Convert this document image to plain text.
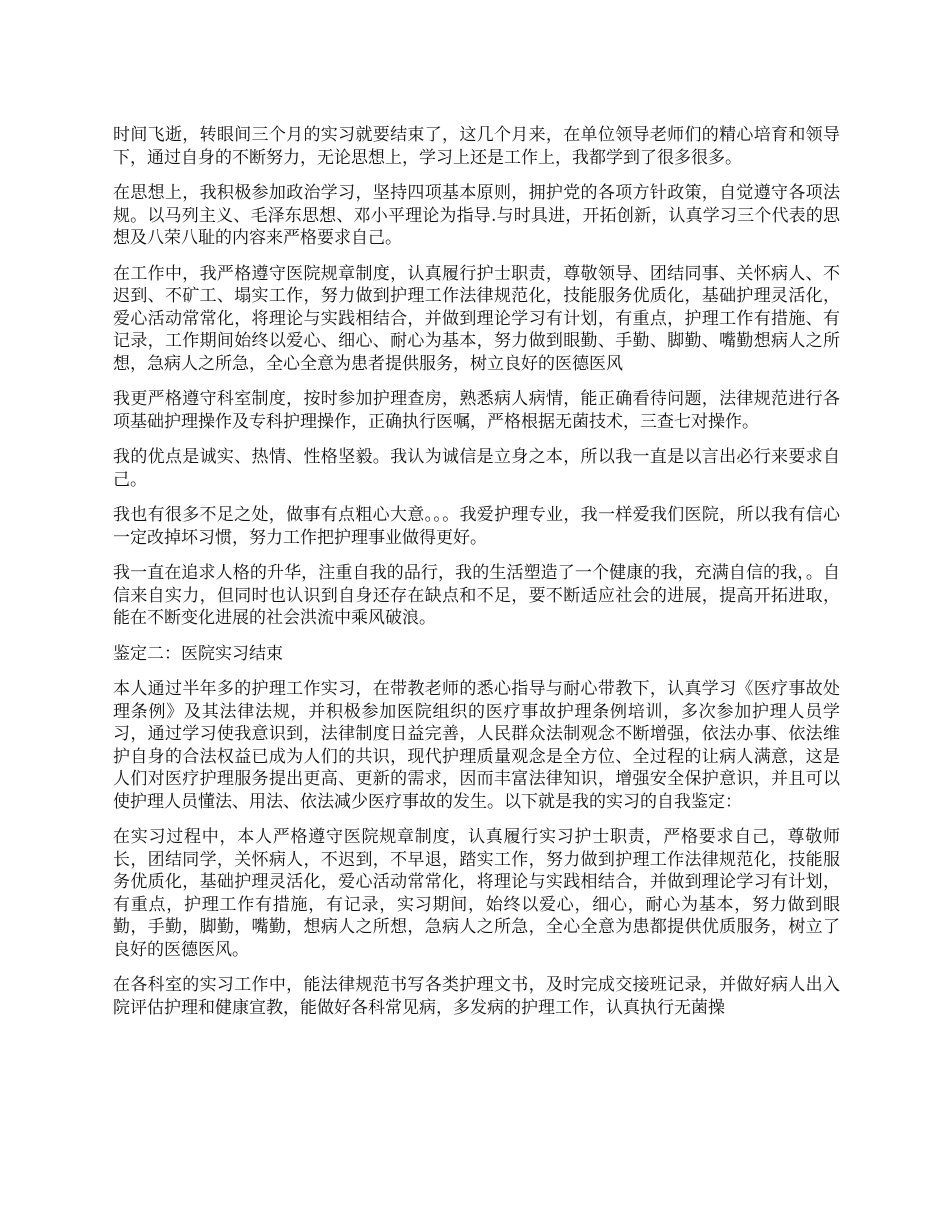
时间飞逝，转眼间三个月的实习就要结束了，这几个月来，在单位领导老师们的精心培育和领导下，通过自身的不断努力，无论思想上，学习上还是工作上，我都学到了很多很多。

在思想上，我积极参加政治学习，坚持四项基本原则，拥护党的各项方针政策，自觉遵守各项法规。以马列主义、毛泽东思想、邓小平理论为指导.与时具进，开拓创新，认真学习三个代表的思想及八荣八耻的内容来严格要求自己。

在工作中，我严格遵守医院规章制度，认真履行护士职责，尊敬领导、团结同事、关怀病人、不迟到、不矿工、塌实工作，努力做到护理工作法律规范化，技能服务优质化，基础护理灵活化，爱心活动常常化，将理论与实践相结合，并做到理论学习有计划，有重点，护理工作有措施、有记录，工作期间始终以爱心、细心、耐心为基本，努力做到眼勤、手勤、脚勤、嘴勤想病人之所想，急病人之所急，全心全意为患者提供服务，树立良好的医德医风

我更严格遵守科室制度，按时参加护理查房，熟悉病人病情，能正确看待问题，法律规范进行各项基础护理操作及专科护理操作，正确执行医嘱，严格根据无菌技术，三查七对操作。

我的优点是诚实、热情、性格坚毅。我认为诚信是立身之本，所以我一直是以言出必行来要求自己。

我也有很多不足之处，做事有点粗心大意。。。我爱护理专业，我一样爱我们医院，所以我有信心一定改掉坏习惯，努力工作把护理事业做得更好。

我一直在追求人格的升华，注重自我的品行，我的生活塑造了一个健康的我，充满自信的我，。自信来自实力，但同时也认识到自身还存在缺点和不足，要不断适应社会的进展，提高开拓进取，能在不断变化进展的社会洪流中乘风破浪。

鉴定二：医院实习结束

本人通过半年多的护理工作实习，在带教老师的悉心指导与耐心带教下，认真学习《医疗事故处理条例》及其法律法规，并积极参加医院组织的医疗事故护理条例培训，多次参加护理人员学习，通过学习使我意识到，法律制度日益完善，人民群众法制观念不断增强，依法办事、依法维护自身的合法权益已成为人们的共识，现代护理质量观念是全方位、全过程的让病人满意，这是人们对医疗护理服务提出更高、更新的需求，因而丰富法律知识，增强安全保护意识，并且可以使护理人员懂法、用法、依法减少医疗事故的发生。以下就是我的实习的自我鉴定：

在实习过程中，本人严格遵守医院规章制度，认真履行实习护士职责，严格要求自己，尊敬师长，团结同学，关怀病人，不迟到，不早退，踏实工作，努力做到护理工作法律规范化，技能服务优质化，基础护理灵活化，爱心活动常常化，将理论与实践相结合，并做到理论学习有计划，有重点，护理工作有措施，有记录，实习期间，始终以爱心，细心，耐心为基本，努力做到眼勤，手勤，脚勤，嘴勤，想病人之所想，急病人之所急，全心全意为患都提供优质服务，树立了良好的医德医风。

在各科室的实习工作中，能法律规范书写各类护理文书，及时完成交接班记录，并做好病人出入院评估护理和健康宣教，能做好各科常见病，多发病的护理工作，认真执行无菌操
